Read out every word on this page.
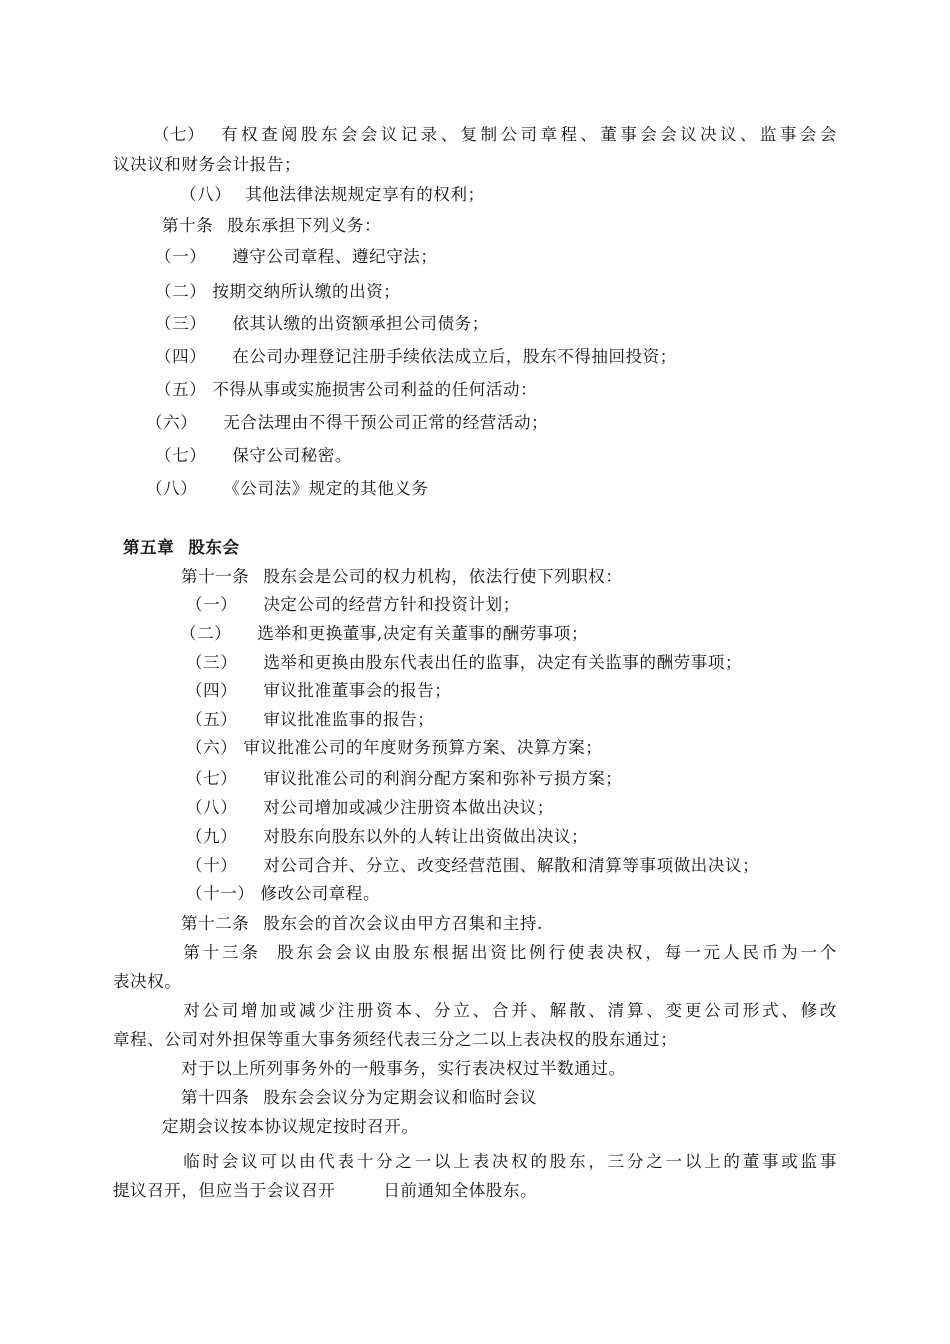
（七） 有权查阅股东会会议记录、复制公司章程、董事会会议决议、监事会会
议决议和财务会计报告；
（八） 其他法律法规规定享有的权利；
第十条 股东承担下列义务：
（一） 遵守公司章程、遵纪守法；
（二） 按期交纳所认缴的出资；
（三） 依其认缴的出资额承担公司债务；
（四） 在公司办理登记注册手续依法成立后，股东不得抽回投资；
（五） 不得从事或实施损害公司利益的任何活动：
（六） 无合法理由不得干预公司正常的经营活动；
（七） 保守公司秘密。
（八） 《公司法》规定的其他义务
第五章 股东会
第十一条 股东会是公司的权力机构，依法行使下列职权：
（一） 决定公司的经营方针和投资计划；
（二） 选举和更换董事,决定有关董事的酬劳事项；
（三） 选举和更换由股东代表出任的监事，决定有关监事的酬劳事项；
（四） 审议批准董事会的报告；
（五） 审议批准监事的报告；
（六） 审议批准公司的年度财务预算方案、决算方案；
（七） 审议批准公司的利润分配方案和弥补亏损方案；
（八） 对公司增加或减少注册资本做出决议；
（九） 对股东向股东以外的人转让出资做出决议；
（十） 对公司合并、分立、改变经营范围、解散和清算等事项做出决议；
（十一） 修改公司章程。
第十二条 股东会的首次会议由甲方召集和主持.
第十三条 股东会会议由股东根据出资比例行使表决权，每一元人民币为一个
表决权。
对公司增加或减少注册资本、分立、合并、解散、清算、变更公司形式、修改
章程、公司对外担保等重大事务须经代表三分之二以上表决权的股东通过；
对于以上所列事务外的一般事务，实行表决权过半数通过。
第十四条 股东会会议分为定期会议和临时会议
定期会议按本协议规定按时召开。
临时会议可以由代表十分之一以上表决权的股东，三分之一以上的董事或监事
提议召开，但应当于会议召开	日前通知全体股东。
